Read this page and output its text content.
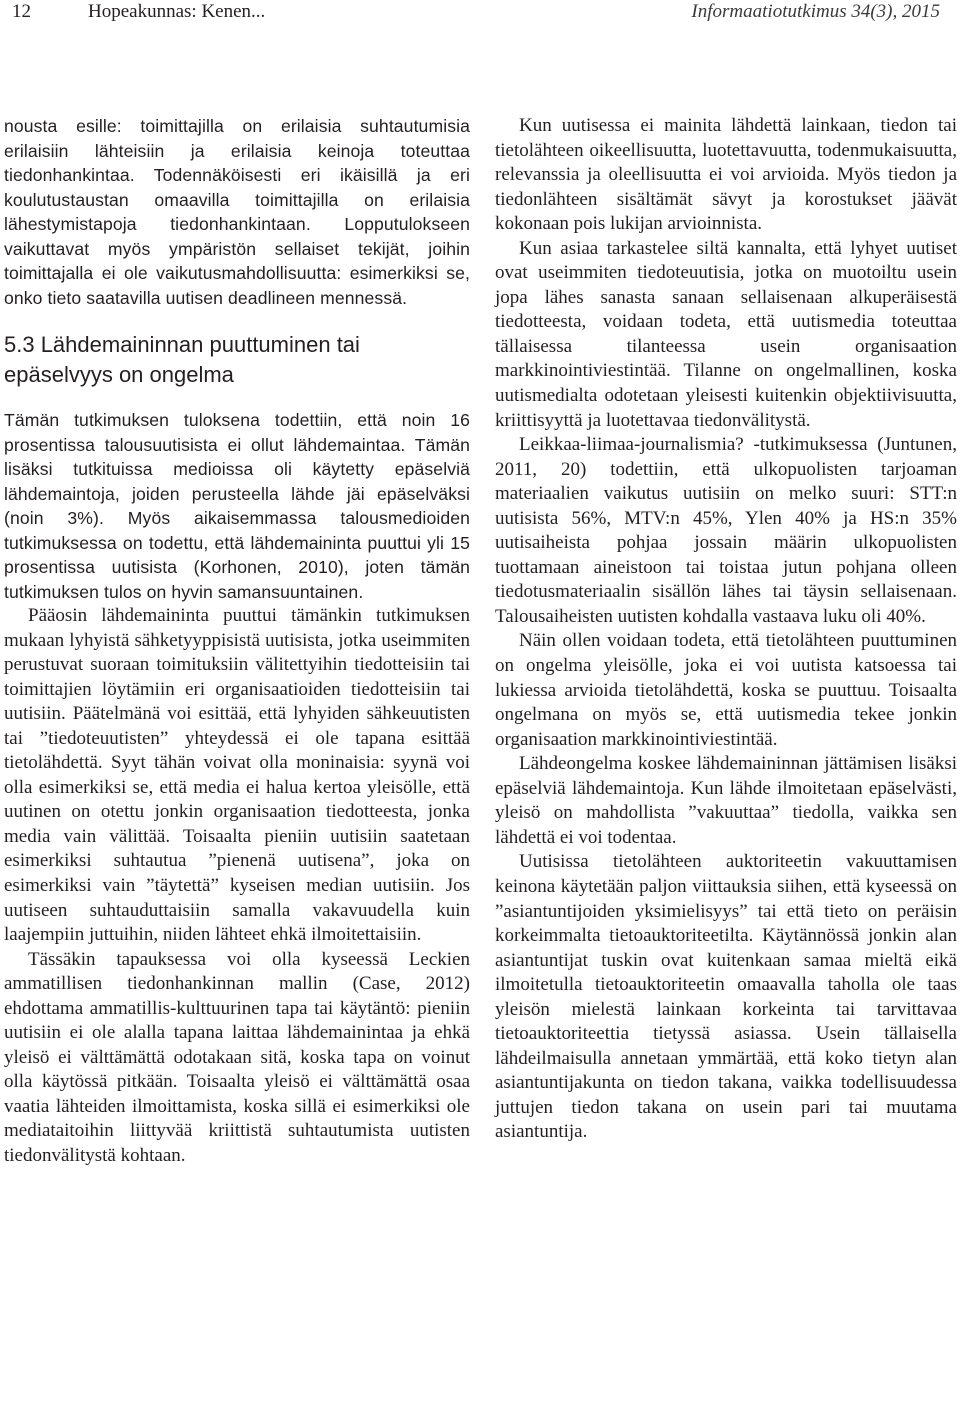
12	Hopeakunnas: Kenen...	Informaatiotutkimus 34(3), 2015

nousta esille: toimittajilla on erilaisia suhtautumisia erilaisiin lähteisiin ja erilaisia keinoja toteuttaa tiedonhankintaa. Todennäköisesti eri ikäisillä ja eri koulutustaustan omaavilla toimittajilla on erilaisia lähestymistapoja tiedonhankintaan. Lopputulokseen vaikuttavat myös ympäristön sellaiset tekijät, joihin toimittajalla ei ole vaikutusmahdollisuutta: esimerkiksi se, onko tieto saatavilla uutisen deadlineen mennessä.

5.3 Lähdemaininnan puuttuminen tai epäselvyys on ongelma

Tämän tutkimuksen tuloksena todettiin, että noin 16 prosentissa talousuutisista ei ollut lähdemaintaa. Tämän lisäksi tutkituissa medioissa oli käytetty epäselviä lähdemaintoja, joiden perusteella lähde jäi epäselväksi (noin 3%). Myös aikaisemmassa talousmedioiden tutkimuksessa on todettu, että lähdemaininta puuttui yli 15 prosentissa uutisista (Korhonen, 2010), joten tämän tutkimuksen tulos on hyvin samansuuntainen.

Pääosin lähdemaininta puuttui tämänkin tutkimuksen mukaan lyhyistä sähketyyppisistä uutisista, jotka useimmiten perustuvat suoraan toimituksiin välitettyihin tiedotteisiin tai toimittajien löytämiin eri organisaatioiden tiedotteisiin tai uutisiin. Päätelmänä voi esittää, että lyhyiden sähkeuutisten tai ”tiedoteuutisten” yhteydessä ei ole tapana esittää tietolähdettä. Syyt tähän voivat olla moninaisia: syynä voi olla esimerkiksi se, että media ei halua kertoa yleisölle, että uutinen on otettu jonkin organisaation tiedotteesta, jonka media vain välittää. Toisaalta pieniin uutisiin saatetaan esimerkiksi suhtautua ”pienenä uutisena”, joka on esimerkiksi vain ”täytettä” kyseisen median uutisiin. Jos uutiseen suhtauduttaisiin samalla vakavuudella kuin laajempiin juttuihin, niiden lähteet ehkä ilmoitettaisiin.

Tässäkin tapauksessa voi olla kyseessä Leckien ammatillisen tiedonhankinnan mallin (Case, 2012) ehdottama ammatillis-kulttuurinen tapa tai käytäntö: pieniin uutisiin ei ole alalla tapana laittaa lähdemainintaa ja ehkä yleisö ei välttämättä odotakaan sitä, koska tapa on voinut olla käytössä pitkään. Toisaalta yleisö ei välttämättä osaa vaatia lähteiden ilmoittamista, koska sillä ei esimerkiksi ole mediataitoihin liittyvää kriittistä suhtautumista uutisten tiedonvälitystä kohtaan.

Kun uutisessa ei mainita lähdettä lainkaan, tiedon tai tietolähteen oikeellisuutta, luotettavuutta, todenmukaisuutta, relevanssia ja oleellisuutta ei voi arvioida. Myös tiedon ja tiedonlähteen sisältämät sävyt ja korostukset jäävät kokonaan pois lukijan arvioinnista.

Kun asiaa tarkastelee siltä kannalta, että lyhyet uutiset ovat useimmiten tiedoteuutisia, jotka on muotoiltu usein jopa lähes sanasta sanaan sellaisenaan alkuperäisestä tiedotteesta, voidaan todeta, että uutismedia toteuttaa tällaisessa tilanteessa usein organisaation markkinointiviestintää. Tilanne on ongelmallinen, koska uutismedialta odotetaan yleisesti kuitenkin objektiivisuutta, kriittisyyttä ja luotettavaa tiedonvälitystä.

Leikkaa-liimaa-journalismia? -tutkimuksessa (Juntunen, 2011, 20) todettiin, että ulkopuolisten tarjoaman materiaalien vaikutus uutisiin on melko suuri: STT:n uutisista 56%, MTV:n 45%, Ylen 40% ja HS:n 35% uutisaiheista pohjaa jossain määrin ulkopuolisten tuottamaan aineistoon tai toistaa jutun pohjana olleen tiedotusmateriaalin sisällön lähes tai täysin sellaisenaan. Talousaiheisten uutisten kohdalla vastaava luku oli 40%.

Näin ollen voidaan todeta, että tietolähteen puuttuminen on ongelma yleisölle, joka ei voi uutista katsoessa tai lukiessa arvioida tietolähdettä, koska se puuttuu. Toisaalta ongelmana on myös se, että uutismedia tekee jonkin organisaation markkinointiviestintää.

Lähdeongelma koskee lähdemaininnan jättämisen lisäksi epäselviä lähdemaintoja. Kun lähde ilmoitetaan epäselvästi, yleisö on mahdollista ”vakuuttaa” tiedolla, vaikka sen lähdettä ei voi todentaa.

Uutisissa tietolähteen auktoriteetin vakuuttamisen keinona käytetään paljon viittauksia siihen, että kyseessä on ”asiantuntijoiden yksimielisyys” tai että tieto on peräisin korkeimmalta tietoauktoriteetilta. Käytännössä jonkin alan asiantuntijat tuskin ovat kuitenkaan samaa mieltä eikä ilmoitetulla tietoauktoriteetin omaavalla taholla ole taas yleisön mielestä lainkaan korkeinta tai tarvittavaa tietoauktoriteettia tietyssä asiassa. Usein tällaisella lähdeilmaisulla annetaan ymmärtää, että koko tietyn alan asiantuntijakunta on tiedon takana, vaikka todellisuudessa juttujen tiedon takana on usein pari tai muutama asiantuntija.
